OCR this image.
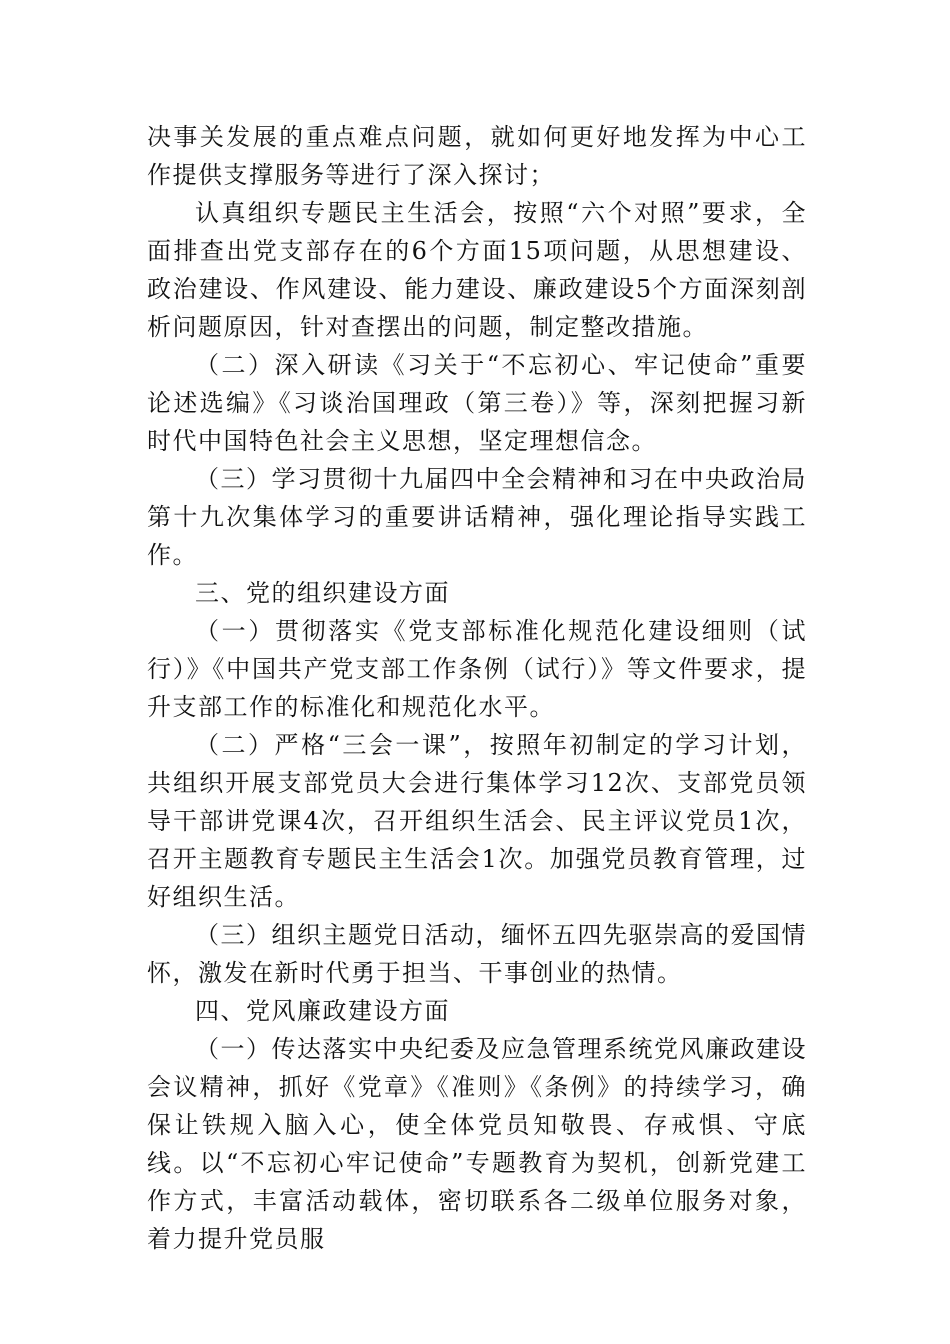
决事关发展的重点难点问题，就如何更好地发挥为中心工作提供支撑服务等进行了深入探讨；

认真组织专题民主生活会，按照“六个对照”要求，全面排查出党支部存在的6个方面15项问题，从思想建设、政治建设、作风建设、能力建设、廉政建设5个方面深刻剖析问题原因，针对查摆出的问题，制定整改措施。

（二）深入研读《习关于“不忘初心、牢记使命”重要论述选编》《习谈治国理政（第三卷）》等，深刻把握习新时代中国特色社会主义思想，坚定理想信念。

（三）学习贯彻十九届四中全会精神和习在中央政治局第十九次集体学习的重要讲话精神，强化理论指导实践工作。

三、党的组织建设方面

（一）贯彻落实《党支部标准化规范化建设细则（试行）》《中国共产党支部工作条例（试行）》等文件要求，提升支部工作的标准化和规范化水平。

（二）严格“三会一课”，按照年初制定的学习计划，共组织开展支部党员大会进行集体学习12次、支部党员领导干部讲党课4次，召开组织生活会、民主评议党员1次，召开主题教育专题民主生活会1次。加强党员教育管理，过好组织生活。

（三）组织主题党日活动，缅怀五四先驱崇高的爱国情怀，激发在新时代勇于担当、干事创业的热情。

四、党风廉政建设方面

（一）传达落实中央纪委及应急管理系统党风廉政建设会议精神，抓好《党章》《准则》《条例》的持续学习，确保让铁规入脑入心，使全体党员知敬畏、存戒惧、守底线。以“不忘初心牢记使命”专题教育为契机，创新党建工作方式，丰富活动载体，密切联系各二级单位服务对象，着力提升党员服
